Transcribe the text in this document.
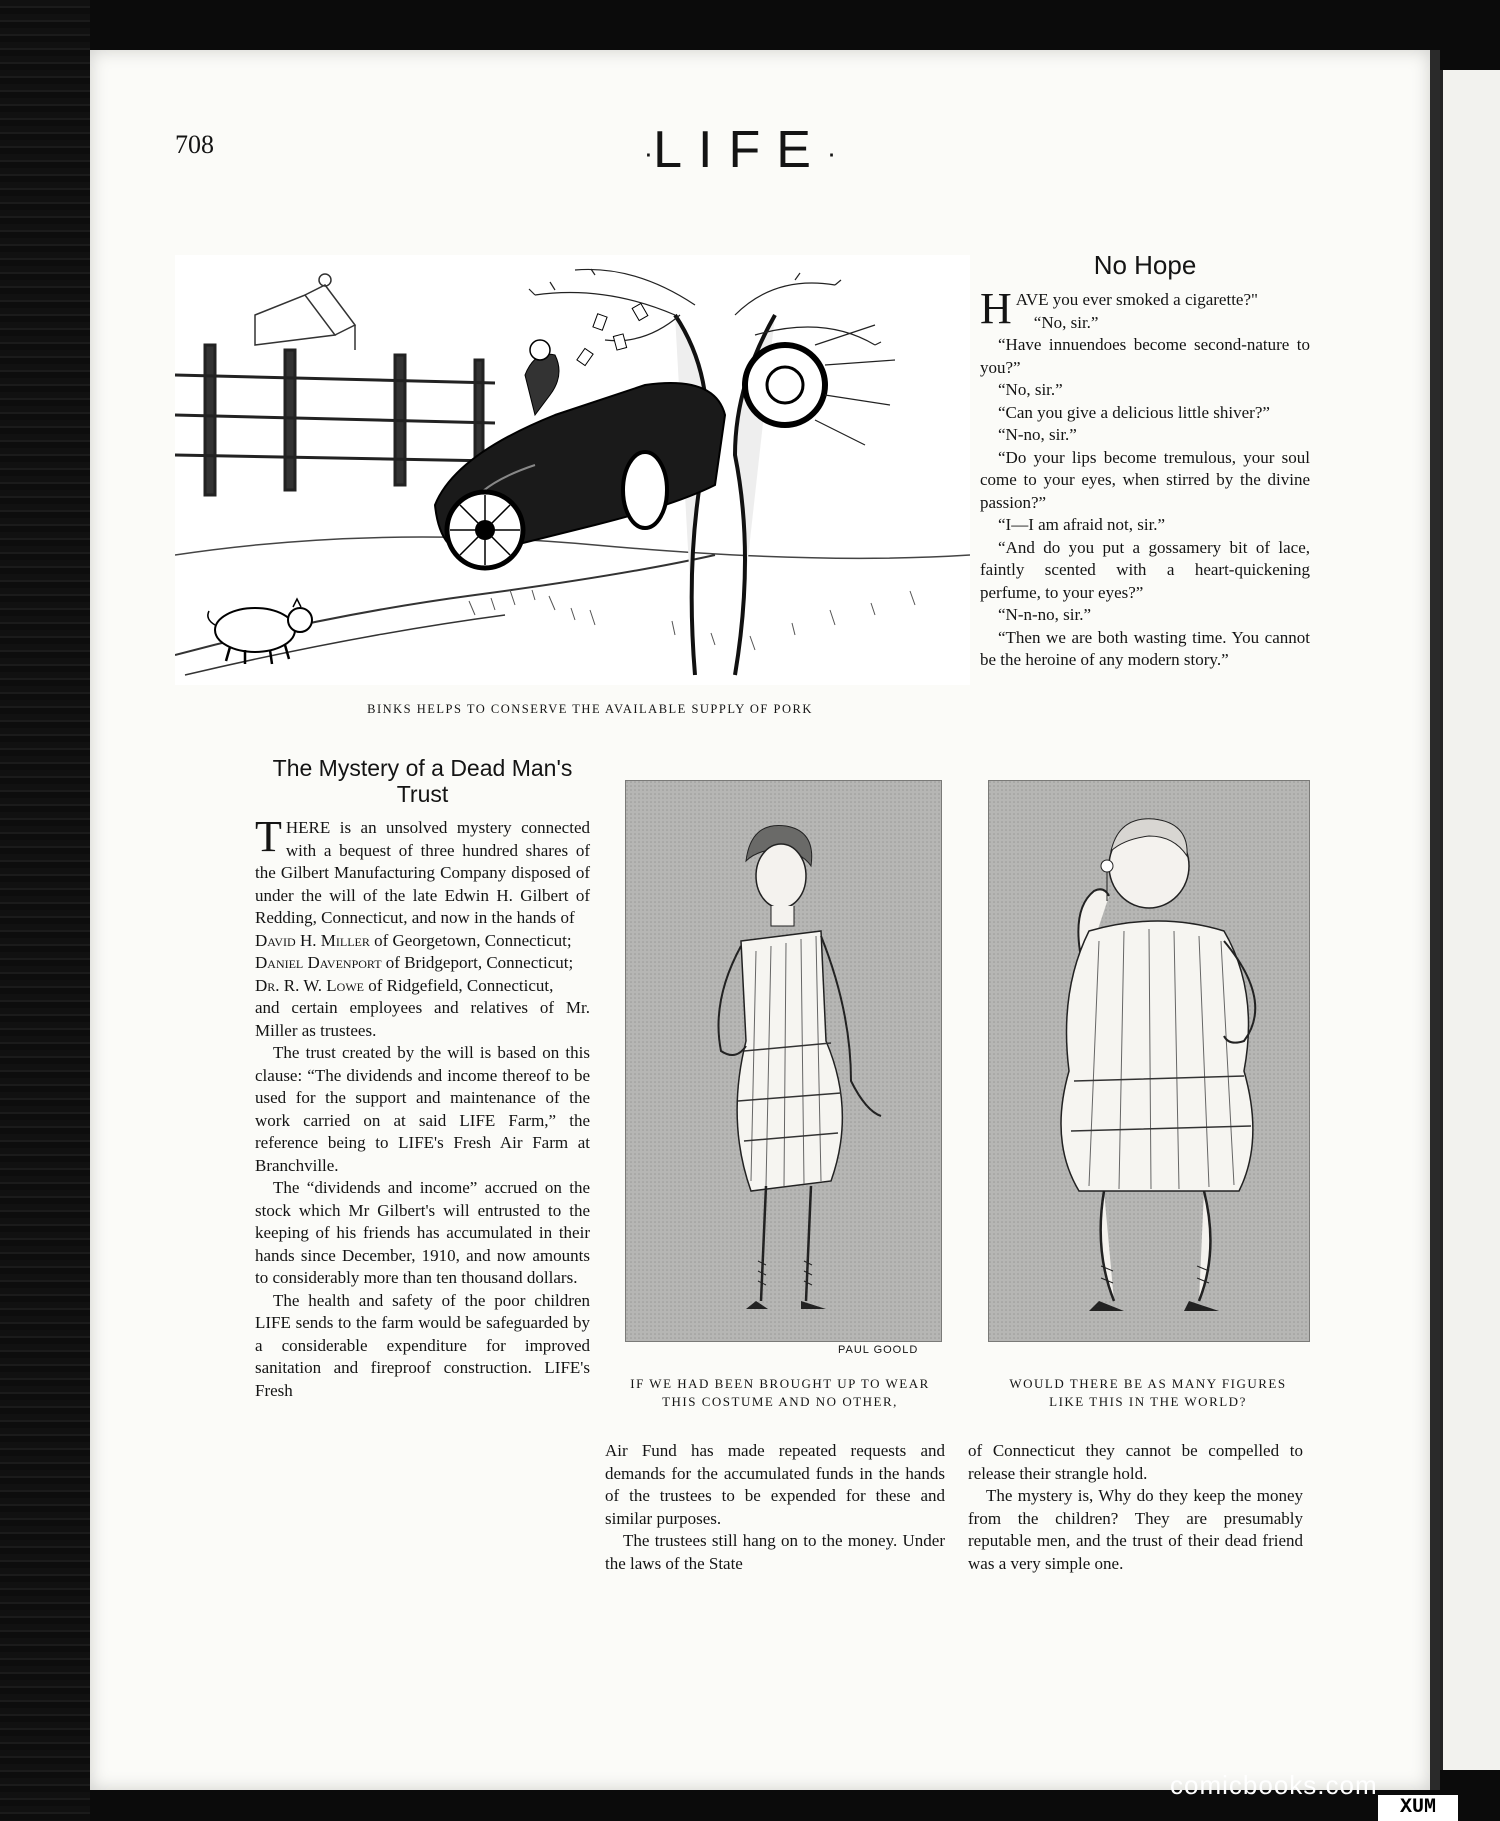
708	·LIFE·
BINKS HELPS TO CONSERVE THE AVAILABLE SUPPLY OF PORK
No Hope

HAVE you ever smoked a cigarette?"

“No, sir.”

“Have innuendoes become second-nature to you?”

“No, sir.”

“Can you give a delicious little shiver?”

“N-no, sir.”

“Do your lips become tremulous, your soul come to your eyes, when stirred by the divine passion?”

“I—I am afraid not, sir.”

“And do you put a gossamery bit of lace, faintly scented with a heart-quickening perfume, to your eyes?”

“N-n-no, sir.”

“Then we are both wasting time. You cannot be the heroine of any modern story.”

The Mystery of a Dead Man's
Trust

THERE is an unsolved mystery connected with a bequest of three hundred shares of the Gilbert Manufacturing Company disposed of under the will of the late Edwin H. Gilbert of Redding, Connecticut, and now in the hands of

David H. Miller of Georgetown, Connecticut;

Daniel Davenport of Bridgeport, Connecticut;

Dr. R. W. Lowe of Ridgefield, Connecticut,

and certain employees and relatives of Mr. Miller as trustees.

The trust created by the will is based on this clause: “The dividends and income thereof to be used for the support and maintenance of the work carried on at said LIFE Farm,” the reference being to LIFE's Fresh Air Farm at Branchville.

The “dividends and income” accrued on the stock which Mr Gilbert's will entrusted to the keeping of his friends has accumulated in their hands since December, 1910, and now amounts to considerably more than ten thousand dollars.

The health and safety of the poor children LIFE sends to the farm would be safeguarded by a considerable expenditure for improved sanitation and fireproof construction. LIFE's Fresh

PAUL GOOLD
IF WE HAD BEEN BROUGHT UP TO WEAR
THIS COSTUME AND NO OTHER,
WOULD THERE BE AS MANY FIGURES
LIKE THIS IN THE WORLD?

Air Fund has made repeated requests and demands for the accumulated funds in the hands of the trustees to be expended for these and similar purposes.

The trustees still hang on to the money. Under the laws of the State

of Connecticut they cannot be compelled to release their strangle hold.

The mystery is, Why do they keep the money from the children? They are presumably reputable men, and the trust of their dead friend was a very simple one.

comicbooks.com
XUM
